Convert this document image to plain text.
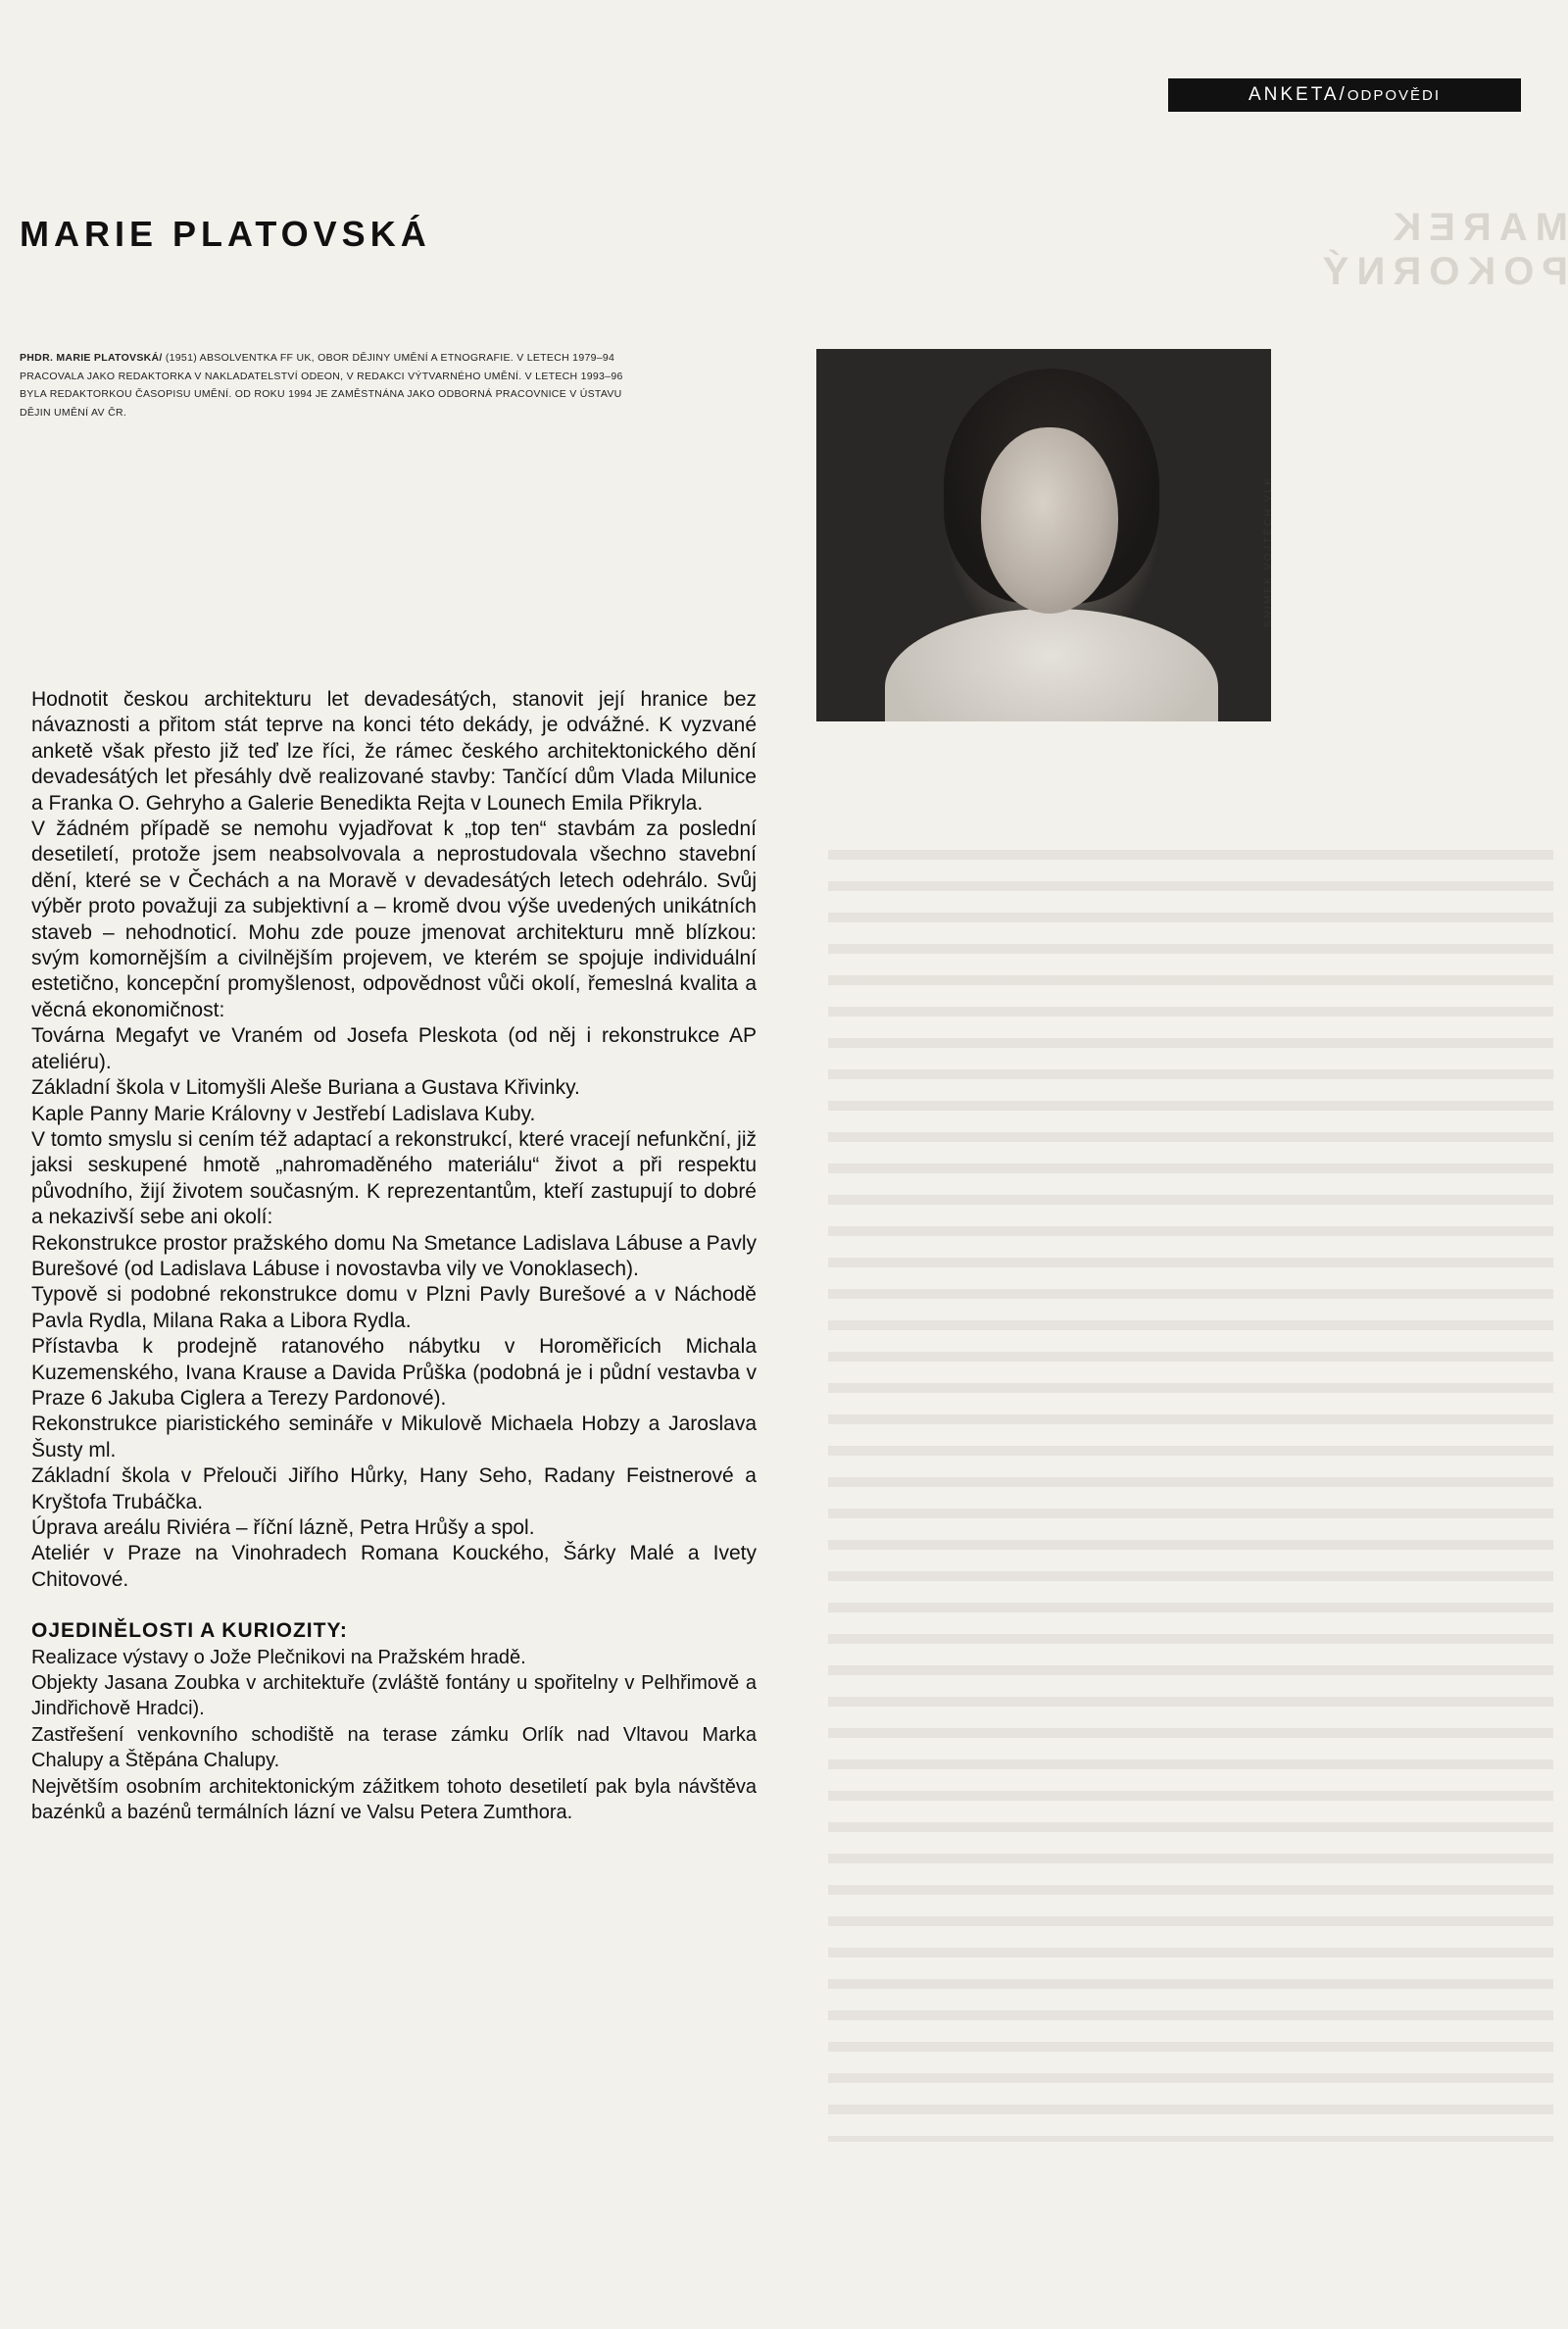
MAREK POKORNÝ
ANKETA/ ODPOVĚDI
MARIE PLATOVSKÁ
PHDR. MARIE PLATOVSKÁ/ (1951) ABSOLVENTKA FF UK, OBOR DĚJINY UMĚNÍ A ETNOGRAFIE. V LETECH 1979–94 PRACOVALA JAKO REDAKTORKA V NAKLADATELSTVÍ ODEON, V REDAKCI VÝTVARNÉHO UMĚNÍ. V LETECH 1993–96 BYLA REDAKTORKOU ČASOPISU UMĚNÍ. OD ROKU 1994 JE ZAMĚSTNÁNA JAKO ODBORNÁ PRACOVNICE V ÚSTAVU DĚJIN UMĚNÍ AV ČR.
SNÍMEK VOJTĚCH VLK

Hodnotit českou architekturu let devadesátých, stanovit její hranice bez návaznosti a přitom stát teprve na konci této dekády, je odvážné. K vyzvané anketě však přesto již teď lze říci, že rámec českého architektonického dění devadesátých let přesáhly dvě realizované stavby: Tančící dům Vlada Milunice a Franka O. Gehryho a Galerie Benedikta Rejta v Lounech Emila Přikryla.

V žádném případě se nemohu vyjadřovat k „top ten“ stavbám za poslední desetiletí, protože jsem neabsolvovala a neprostudovala všechno stavební dění, které se v Čechách a na Moravě v devadesátých letech odehrálo. Svůj výběr proto považuji za subjektivní a – kromě dvou výše uvedených unikátních staveb – nehodnoticí. Mohu zde pouze jmenovat architekturu mně blízkou: svým komornějším a civilnějším projevem, ve kterém se spojuje individuální estetično, koncepční promyšlenost, odpovědnost vůči okolí, řemeslná kvalita a věcná ekonomičnost:

Továrna Megafyt ve Vraném od Josefa Pleskota (od něj i rekonstrukce AP ateliéru).

Základní škola v Litomyšli Aleše Buriana a Gustava Křivinky.

Kaple Panny Marie Královny v Jestřebí Ladislava Kuby.

V tomto smyslu si cením též adaptací a rekonstrukcí, které vracejí nefunkční, již jaksi seskupené hmotě „nahromaděného materiálu“ život a při respektu původního, žijí životem současným. K reprezentantům, kteří zastupují to dobré a nekazivší sebe ani okolí:

Rekonstrukce prostor pražského domu Na Smetance Ladislava Lábuse a Pavly Burešové (od Ladislava Lábuse i novostavba vily ve Vonoklasech).

Typově si podobné rekonstrukce domu v Plzni Pavly Burešové a v Náchodě Pavla Rydla, Milana Raka a Libora Rydla.

Přístavba k prodejně ratanového nábytku v Horoměřicích Michala Kuzemenského, Ivana Krause a Davida Průška (podobná je i půdní vestavba v Praze 6 Jakuba Ciglera a Terezy Pardonové).

Rekonstrukce piaristického semináře v Mikulově Michaela Hobzy a Jaroslava Šusty ml.

Základní škola v Přelouči Jiřího Hůrky, Hany Seho, Radany Feistnerové a Kryštofa Trubáčka.

Úprava areálu Riviéra – říční lázně, Petra Hrůšy a spol.

Ateliér v Praze na Vinohradech Romana Kouckého, Šárky Malé a Ivety Chitovové.

OJEDINĚLOSTI A KURIOZITY:

Realizace výstavy o Jože Plečnikovi na Pražském hradě.

Objekty Jasana Zoubka v architektuře (zvláště fontány u spořitelny v Pelhřimově a Jindřichově Hradci).

Zastřešení venkovního schodiště na terase zámku Orlík nad Vltavou Marka Chalupy a Štěpána Chalupy.

Největším osobním architektonickým zážitkem tohoto desetiletí pak byla návštěva bazénků a bazénů termálních lázní ve Valsu Petera Zumthora.
